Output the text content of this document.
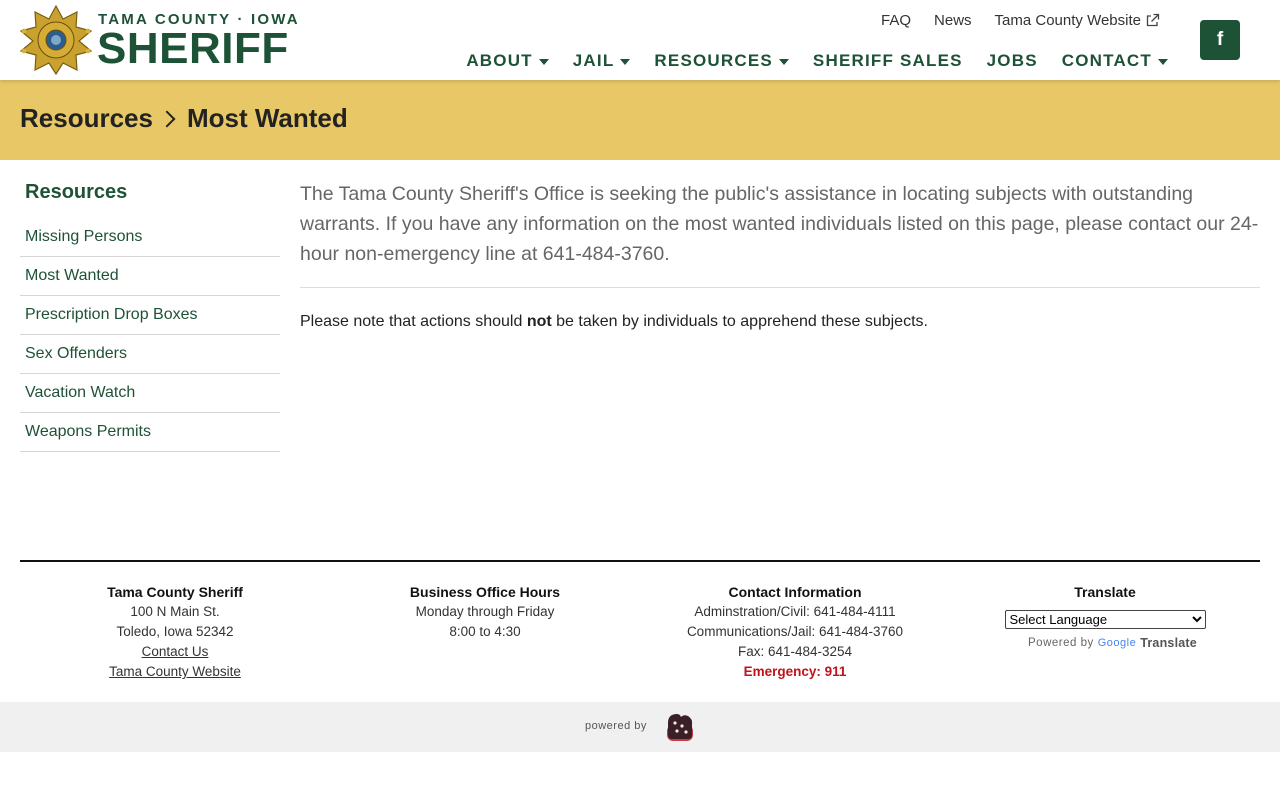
TAMA COUNTY · IOWA
SHERIFF
FAQ News Tama County Website
ABOUT JAIL RESOURCES SHERIFF SALES JOBS CONTACT
f
Resources Most Wanted
Resources
Missing Persons
Most Wanted
Prescription Drop Boxes
Sex Offenders
Vacation Watch
Weapons Permits

The Tama County Sheriff's Office is seeking the public's assistance in locating subjects with outstanding warrants. If you have any information on the most wanted individuals listed on this page, please contact our 24-hour non-emergency line at 641-484-3760.

Please note that actions should not be taken by individuals to apprehend these subjects.

Tama County Sheriff
100 N Main St.
Toledo, Iowa 52342
Contact Us
Tama County Website
Business Office Hours
Monday through Friday
8:00 to 4:30
Contact Information
Adminstration/Civil: 641-484-4111
Communications/Jail: 641-484-3760
Fax: 641-484-3254
Emergency: 911
Translate
Select Language
Powered by Google Translate
powered by
